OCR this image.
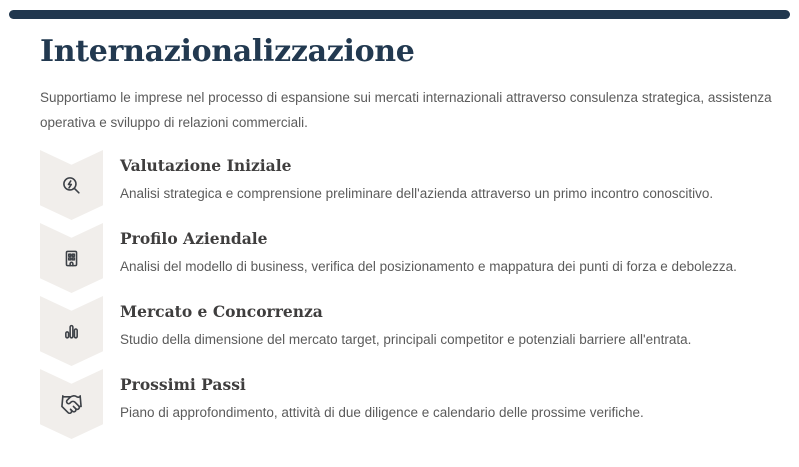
Internazionalizzazione

Supportiamo le imprese nel processo di espansione sui mercati internazionali attraverso consulenza strategica, assistenza operativa e sviluppo di relazioni commerciali.

Valutazione Iniziale

Analisi strategica e comprensione preliminare dell'azienda attraverso un primo incontro conoscitivo.

Profilo Aziendale

Analisi del modello di business, verifica del posizionamento e mappatura dei punti di forza e debolezza.

Mercato e Concorrenza

Studio della dimensione del mercato target, principali competitor e potenziali barriere all'entrata.

Prossimi Passi

Piano di approfondimento, attività di due diligence e calendario delle prossime verifiche.
